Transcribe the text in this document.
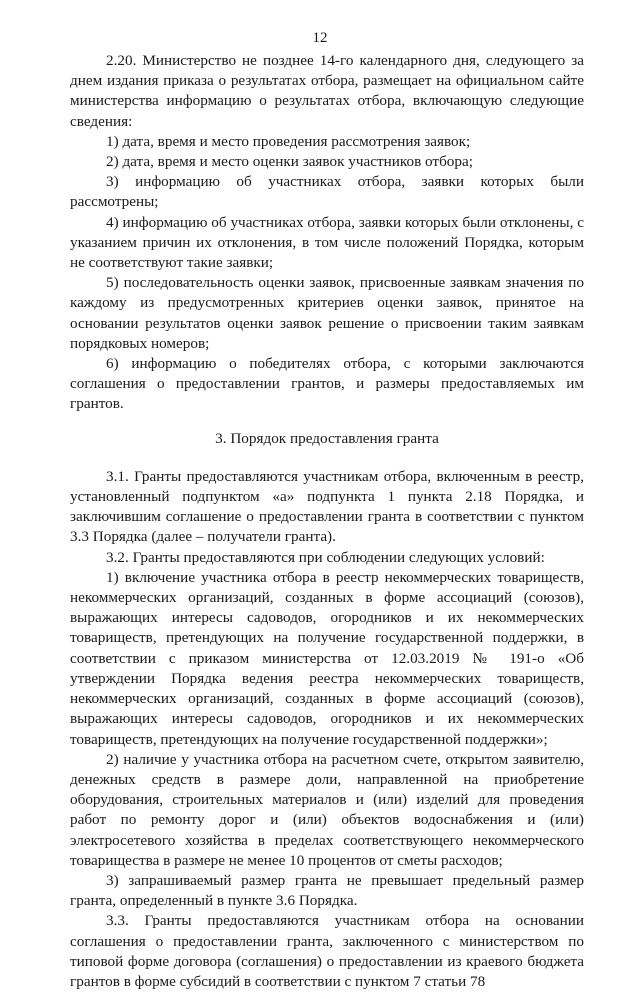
12

2.20. Министерство не позднее 14-го календарного дня, следующего за днем издания приказа о результатах отбора, размещает на официальном сайте министерства информацию о результатах отбора, включающую следующие сведения:

1) дата, время и место проведения рассмотрения заявок;

2) дата, время и место оценки заявок участников отбора;

3) информацию об участниках отбора, заявки которых были рассмотрены;

4) информацию об участниках отбора, заявки которых были отклонены, с указанием причин их отклонения, в том числе положений Порядка, которым не соответствуют такие заявки;

5) последовательность оценки заявок, присвоенные заявкам значения по каждому из предусмотренных критериев оценки заявок, принятое на основании результатов оценки заявок решение о присвоении таким заявкам порядковых номеров;

6) информацию о победителях отбора, с которыми заключаются соглашения о предоставлении грантов, и размеры предоставляемых им грантов.

3. Порядок предоставления гранта

3.1. Гранты предоставляются участникам отбора, включенным в реестр, установленный подпунктом «а» подпункта 1 пункта 2.18 Порядка, и заключившим соглашение о предоставлении гранта в соответствии с пунктом 3.3 Порядка (далее – получатели гранта).

3.2. Гранты предоставляются при соблюдении следующих условий:

1) включение участника отбора в реестр некоммерческих товариществ, некоммерческих организаций, созданных в форме ассоциаций (союзов), выражающих интересы садоводов, огородников и их некоммерческих товариществ, претендующих на получение государственной поддержки, в соответствии с приказом министерства от 12.03.2019 № 191-о «Об утверждении Порядка ведения реестра некоммерческих товариществ, некоммерческих организаций, созданных в форме ассоциаций (союзов), выражающих интересы садоводов, огородников и их некоммерческих товариществ, претендующих на получение государственной поддержки»;

2) наличие у участника отбора на расчетном счете, открытом заявителю, денежных средств в размере доли, направленной на приобретение оборудования, строительных материалов и (или) изделий для проведения работ по ремонту дорог и (или) объектов водоснабжения и (или) электросетевого хозяйства в пределах соответствующего некоммерческого товарищества в размере не менее 10 процентов от сметы расходов;

3) запрашиваемый размер гранта не превышает предельный размер гранта, определенный в пункте 3.6 Порядка.

3.3. Гранты предоставляются участникам отбора на основании соглашения о предоставлении гранта, заключенного с министерством по типовой форме договора (соглашения) о предоставлении из краевого бюджета грантов в форме субсидий в соответствии с пунктом 7 статьи 78
